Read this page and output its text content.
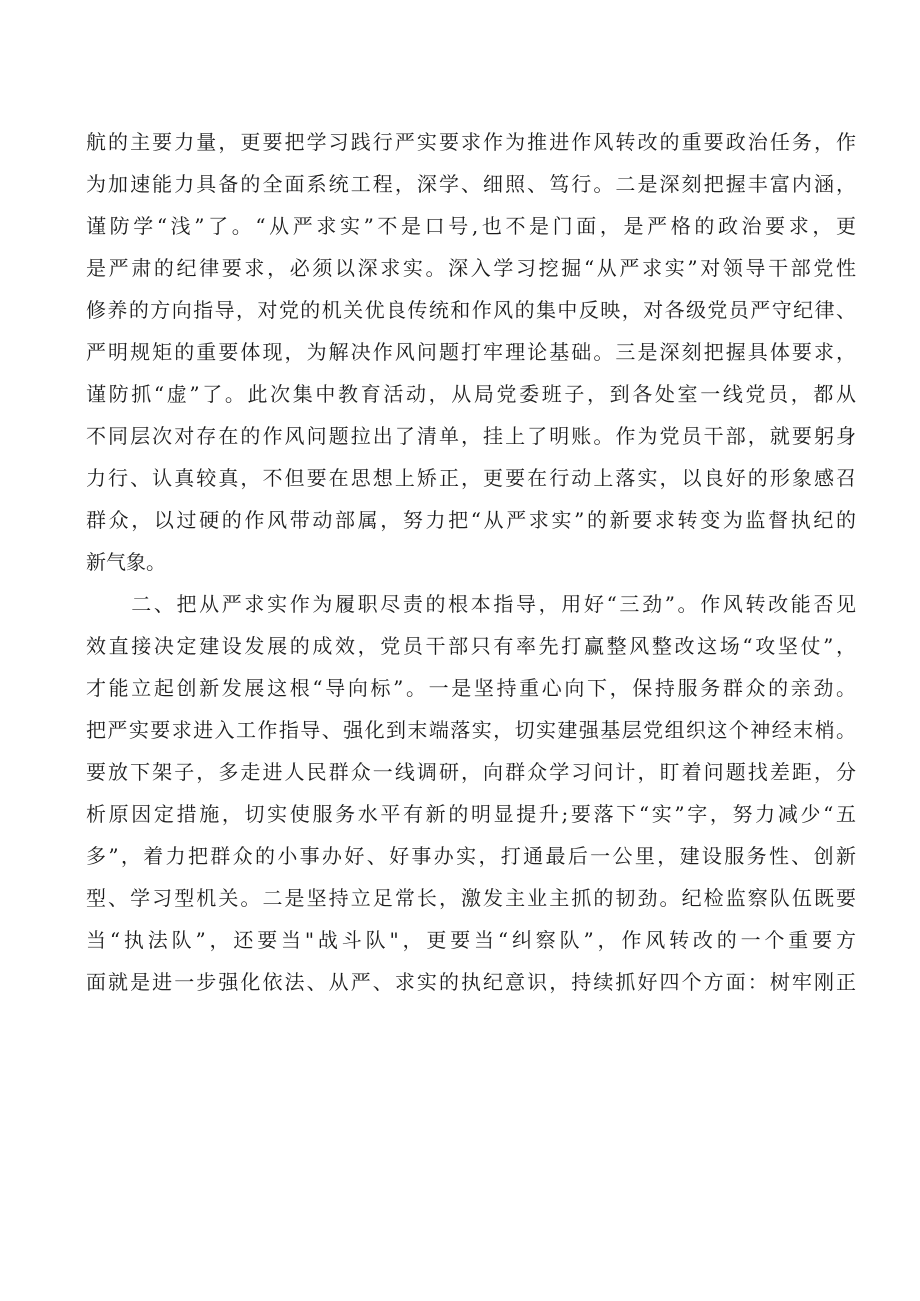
航的主要力量，更要把学习践行严实要求作为推进作风转改的重要政治任务，作
为加速能力具备的全面系统工程，深学、细照、笃行。二是深刻把握丰富内涵，
谨防学“浅”了。“从严求实”不是口号,也不是门面，是严格的政治要求，更
是严肃的纪律要求，必须以深求实。深入学习挖掘“从严求实”对领导干部党性
修养的方向指导，对党的机关优良传统和作风的集中反映，对各级党员严守纪律、
严明规矩的重要体现，为解决作风问题打牢理论基础。三是深刻把握具体要求，
谨防抓“虚”了。此次集中教育活动，从局党委班子，到各处室一线党员，都从
不同层次对存在的作风问题拉出了清单，挂上了明账。作为党员干部，就要躬身
力行、认真较真，不但要在思想上矫正，更要在行动上落实，以良好的形象感召
群众，以过硬的作风带动部属，努力把“从严求实”的新要求转变为监督执纪的
新气象。
　　二、把从严求实作为履职尽责的根本指导，用好“三劲”。作风转改能否见
效直接决定建设发展的成效，党员干部只有率先打赢整风整改这场“攻坚仗”，
才能立起创新发展这根“导向标”。一是坚持重心向下，保持服务群众的亲劲。
把严实要求进入工作指导、强化到末端落实，切实建强基层党组织这个神经末梢。
要放下架子，多走进人民群众一线调研，向群众学习问计，盯着问题找差距，分
析原因定措施，切实使服务水平有新的明显提升;要落下“实”字，努力减少“五
多”，着力把群众的小事办好、好事办实，打通最后一公里，建设服务性、创新
型、学习型机关。二是坚持立足常长，激发主业主抓的韧劲。纪检监察队伍既要
当“执法队”，还要当"战斗队"，更要当“纠察队”，作风转改的一个重要方
面就是进一步强化依法、从严、求实的执纪意识，持续抓好四个方面：树牢刚正
